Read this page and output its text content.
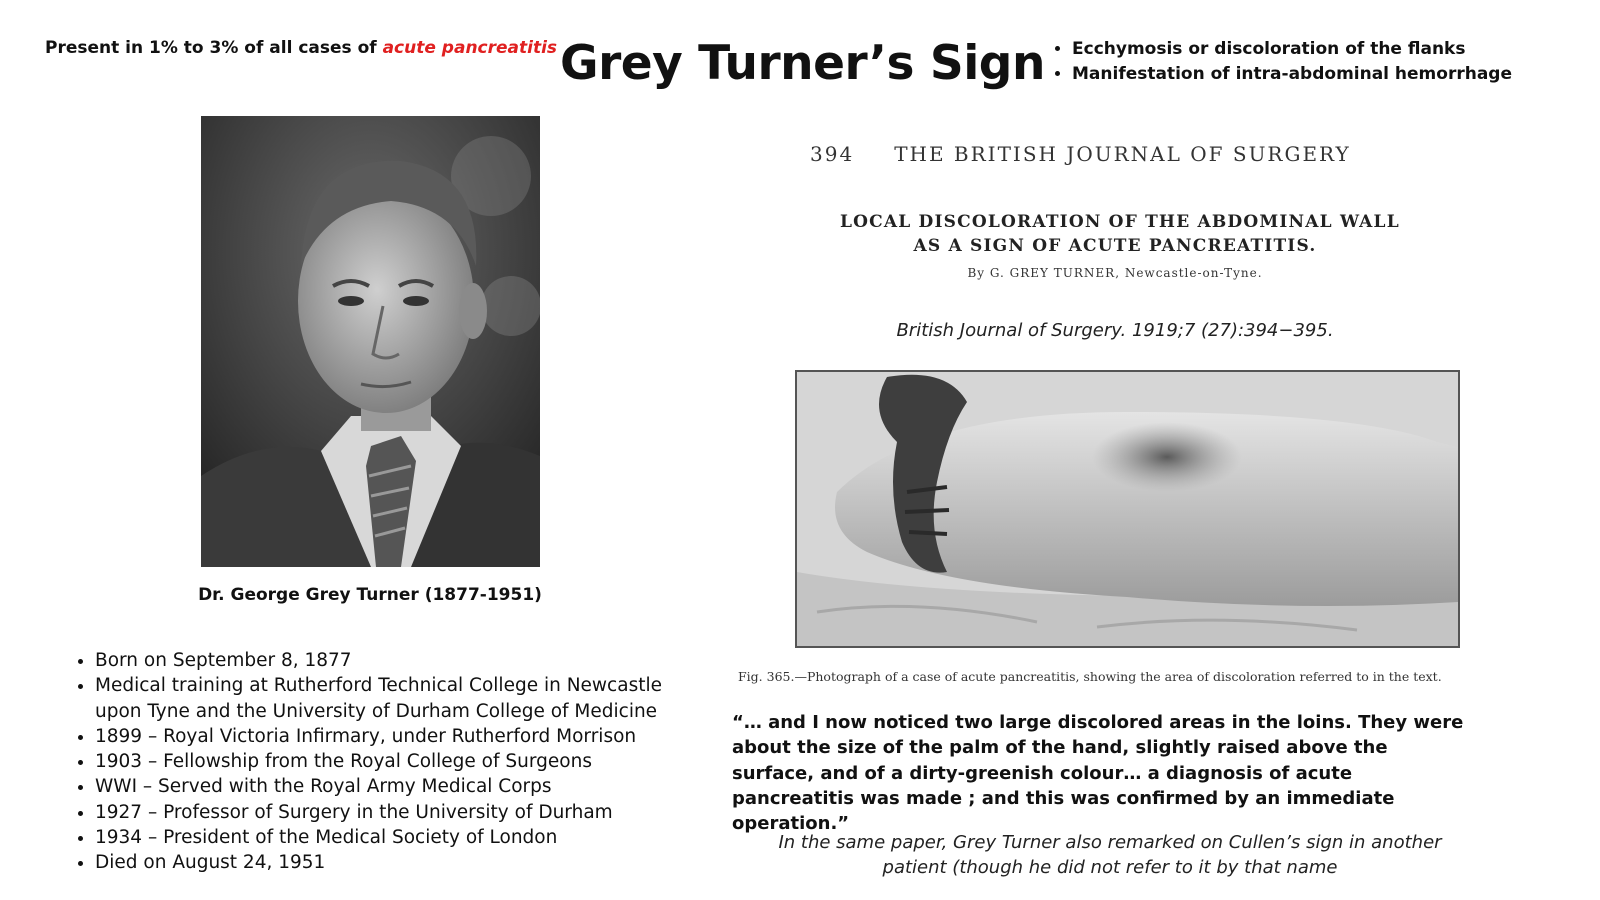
Present in 1% to 3% of all cases of acute pancreatitis Grey Turner’s Sign
• Ecchymosis or discoloration of the flanks
• Manifestation of intra-abdominal hemorrhage
Dr. George Grey Turner (1877-1951)
• Born on September 8, 1877
• Medical training at Rutherford Technical College in Newcastle upon Tyne and the University of Durham College of Medicine
• 1899 – Royal Victoria Infirmary, under Rutherford Morrison
• 1903 – Fellowship from the Royal College of Surgeons
• WWI – Served with the Royal Army Medical Corps
• 1927 – Professor of Surgery in the University of Durham
• 1934 – President of the Medical Society of London
• Died on August 24, 1951
394 THE BRITISH JOURNAL OF SURGERY
LOCAL DISCOLORATION OF THE ABDOMINAL WALL
AS A SIGN OF ACUTE PANCREATITIS.
By G. GREY TURNER, Newcastle-on-Tyne.
British Journal of Surgery. 1919;7 (27):394−395.
Fig. 365.—Photograph of a case of acute pancreatitis, showing the area of discoloration referred to in the text.
“… and I now noticed two large discolored areas in the loins. They were about the size of the palm of the hand, slightly raised above the surface, and of a dirty-greenish colour… a diagnosis of acute pancreatitis was made ; and this was confirmed by an immediate operation.”
In the same paper, Grey Turner also remarked on Cullen’s sign in another patient (though he did not refer to it by that name
